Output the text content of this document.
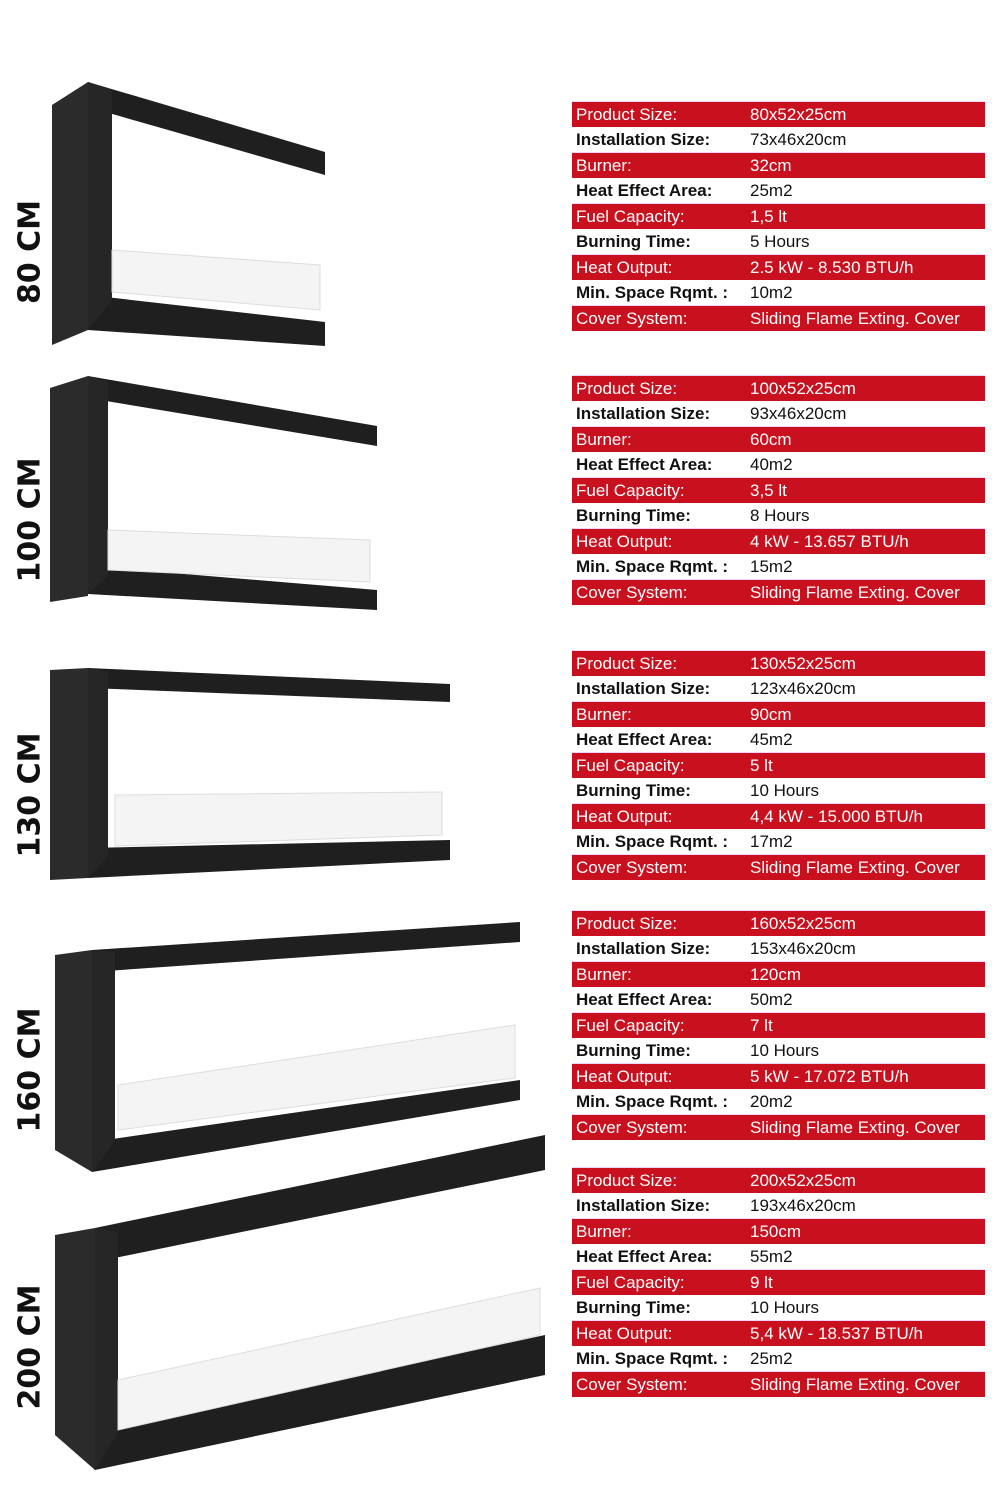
80 CM
Product Size:	80x52x25cm
Installation Size: 73x46x20cm
Burner:	32cm
Heat Effect Area: 25m2
Fuel Capacity:	1,5 lt
Burning Time:	5 Hours
Heat Output:	2.5 kW - 8.530 BTU/h
Min. Space Rqmt. : 10m2
Cover System:	Sliding Flame Exting. Cover
100 CM
Product Size:	100x52x25cm
Installation Size: 93x46x20cm
Burner:	60cm
Heat Effect Area: 40m2
Fuel Capacity:	3,5 lt
Burning Time:	8 Hours
Heat Output:	4 kW - 13.657 BTU/h
Min. Space Rqmt. : 15m2
Cover System:	Sliding Flame Exting. Cover
130 CM
Product Size:	130x52x25cm
Installation Size: 123x46x20cm
Burner:	90cm
Heat Effect Area: 45m2
Fuel Capacity:	5 lt
Burning Time:	10 Hours
Heat Output:	4,4 kW - 15.000 BTU/h
Min. Space Rqmt. : 17m2
Cover System:	Sliding Flame Exting. Cover
160 CM
Product Size:	160x52x25cm
Installation Size: 153x46x20cm
Burner:	120cm
Heat Effect Area: 50m2
Fuel Capacity:	7 lt
Burning Time:	10 Hours
Heat Output:	5 kW - 17.072 BTU/h
Min. Space Rqmt. : 20m2
Cover System:	Sliding Flame Exting. Cover
200 CM
Product Size:	200x52x25cm
Installation Size: 193x46x20cm
Burner:	150cm
Heat Effect Area: 55m2
Fuel Capacity:	9 lt
Burning Time:	10 Hours
Heat Output:	5,4 kW - 18.537 BTU/h
Min. Space Rqmt. : 25m2
Cover System:	Sliding Flame Exting. Cover
